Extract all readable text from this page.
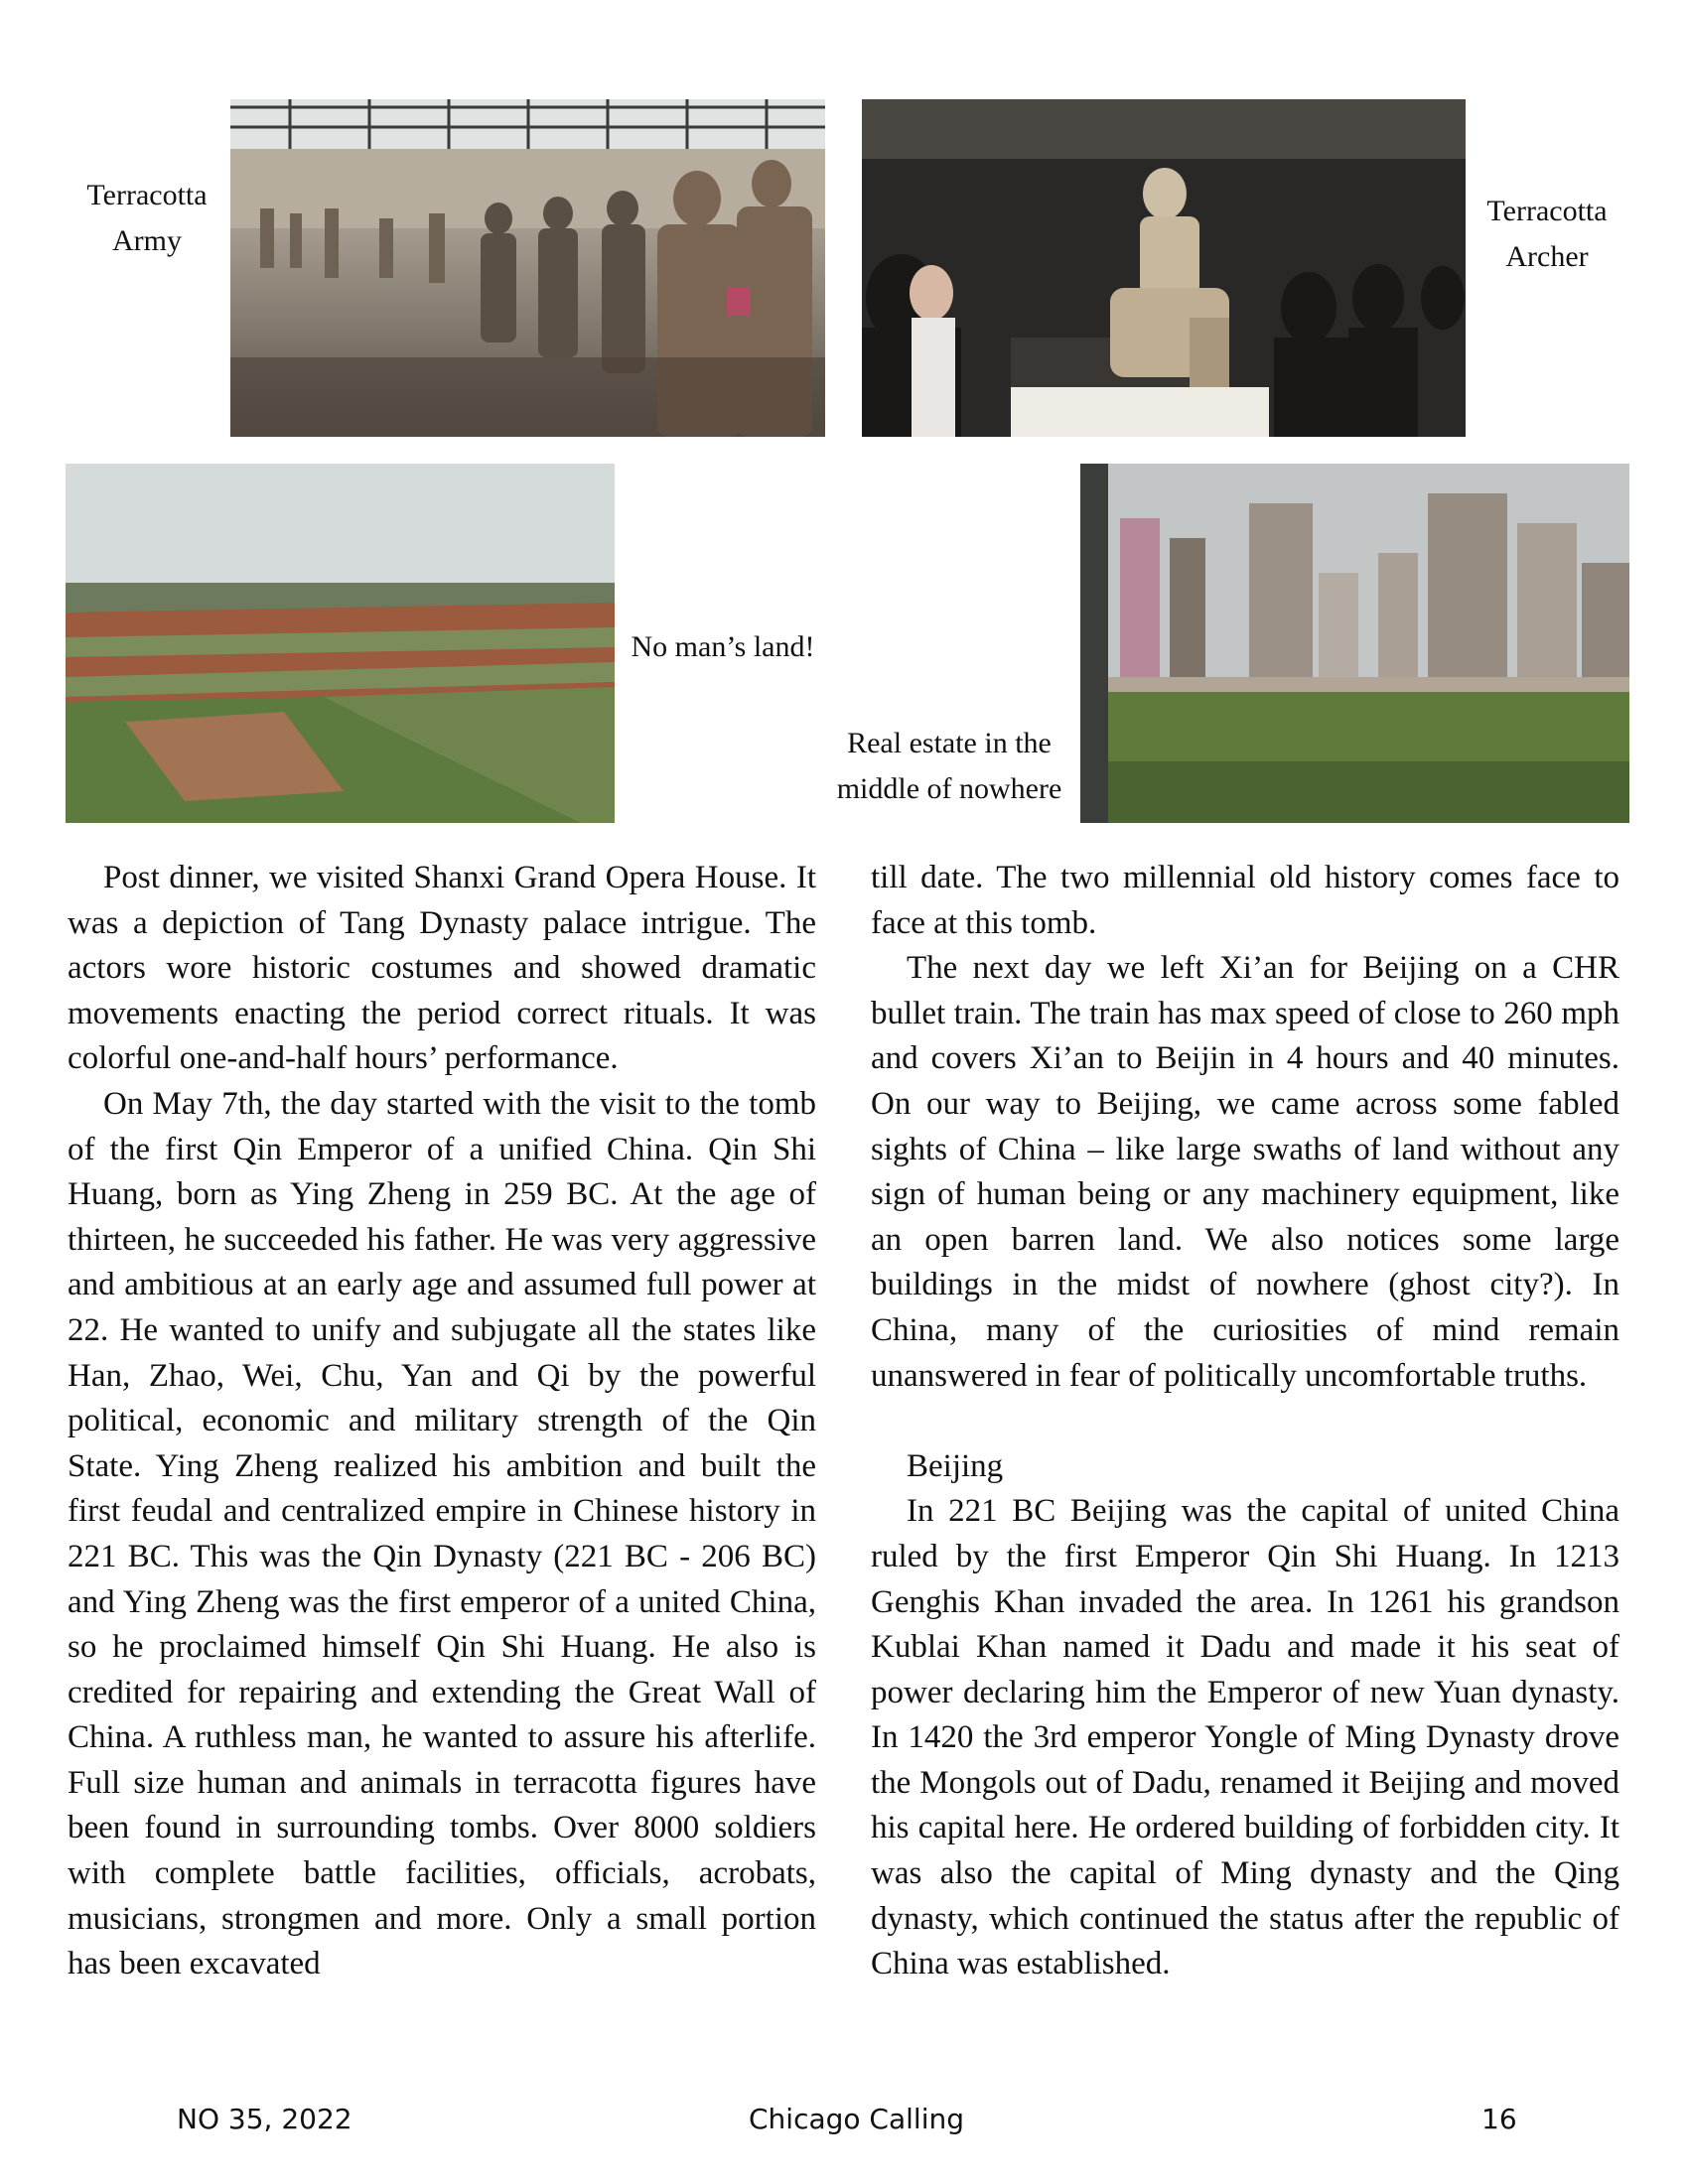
Terracotta Army
Terracotta Archer
No man’s land!
Real estate in the middle of nowhere

Post dinner, we visited Shanxi Grand Opera House. It was a depiction of Tang Dynasty palace intrigue. The actors wore historic costumes and showed dramatic movements enacting the period correct rituals. It was colorful one-and-half hours’ performance.

On May 7th, the day started with the visit to the tomb of the first Qin Emperor of a unified China. Qin Shi Huang, born as Ying Zheng in 259 BC. At the age of thirteen, he succeeded his father. He was very aggressive and ambitious at an early age and assumed full power at 22. He wanted to unify and subjugate all the states like Han, Zhao, Wei, Chu, Yan and Qi by the powerful political, economic and military strength of the Qin State. Ying Zheng realized his ambition and built the first feudal and centralized empire in Chinese history in 221 BC. This was the Qin Dynasty (221 BC - 206 BC) and Ying Zheng was the first emperor of a united China, so he proclaimed himself Qin Shi Huang. He also is credited for repairing and extending the Great Wall of China. A ruthless man, he wanted to assure his afterlife. Full size human and animals in terracotta figures have been found in surrounding tombs. Over 8000 soldiers with complete battle facilities, officials, acrobats, musicians, strongmen and more. Only a small portion has been excavated

till date. The two millennial old history comes face to face at this tomb.

The next day we left Xi’an for Beijing on a CHR bullet train. The train has max speed of close to 260 mph and covers Xi’an to Beijin in 4 hours and 40 minutes. On our way to Beijing, we came across some fabled sights of China – like large swaths of land without any sign of human being or any machinery equipment, like an open barren land. We also notices some large buildings in the midst of nowhere (ghost city?). In China, many of the curiosities of mind remain unanswered in fear of politically uncomfortable truths.

Beijing

In 221 BC Beijing was the capital of united China ruled by the first Emperor Qin Shi Huang. In 1213 Genghis Khan invaded the area. In 1261 his grandson Kublai Khan named it Dadu and made it his seat of power declaring him the Emperor of new Yuan dynasty. In 1420 the 3rd emperor Yongle of Ming Dynasty drove the Mongols out of Dadu, renamed it Beijing and moved his capital here. He ordered building of forbidden city. It was also the capital of Ming dynasty and the Qing dynasty, which continued the status after the republic of China was established.

NO 35, 2022	Chicago Calling	16
